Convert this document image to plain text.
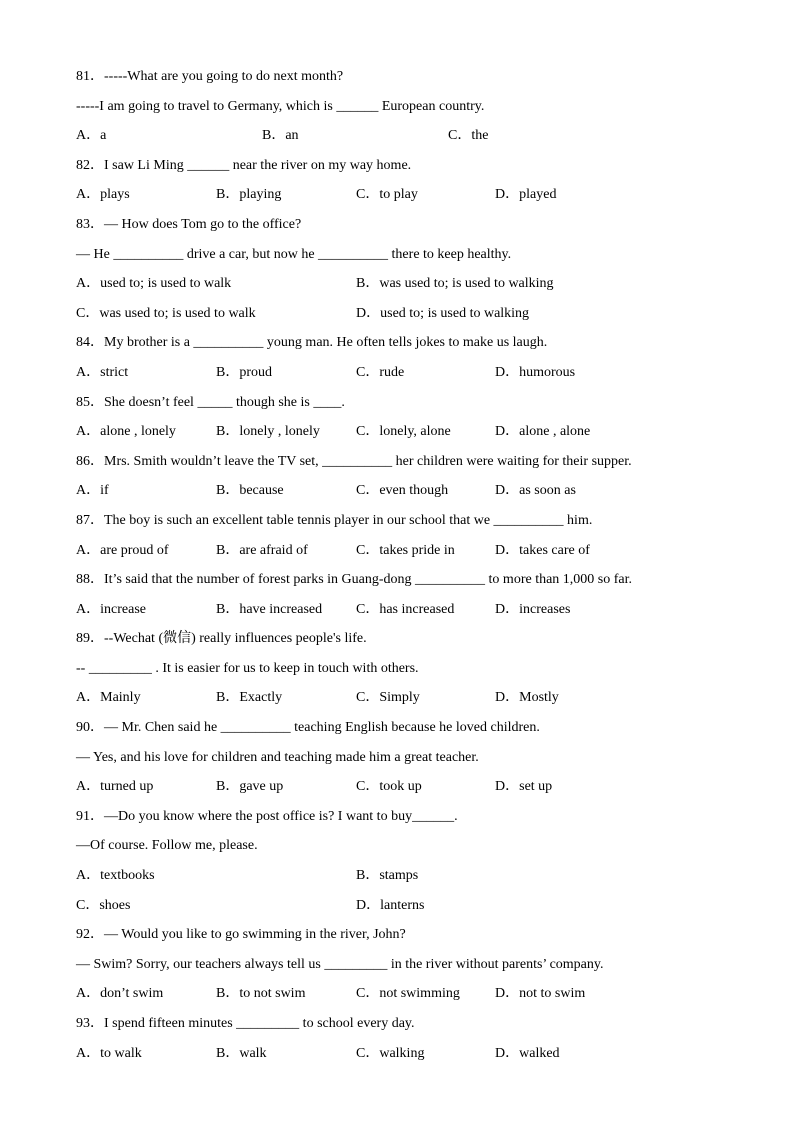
81．-----What are you going to do next month?
-----I am going to travel to Germany, which is ______ European country.
A．a	B．an	C．the
82．I saw Li Ming ______ near the river on my way home.
A．plays	B．playing	C．to play	D．played
83．— How does Tom go to the office?
— He __________ drive a car, but now he __________ there to keep healthy.
A．used to; is used to walk	B．was used to; is used to walking
C．was used to; is used to walk	D．used to; is used to walking
84．My brother is a __________ young man. He often tells jokes to make us laugh.
A．strict	B．proud	C．rude	D．humorous
85．She doesn’t feel _____ though she is ____.
A．alone , lonely	B．lonely , lonely	C．lonely, alone	D．alone , alone
86．Mrs. Smith wouldn’t leave the TV set, __________ her children were waiting for their supper.
A．if	B．because	C．even though	D．as soon as
87．The boy is such an excellent table tennis player in our school that we __________ him.
A．are proud of	B．are afraid of	C．takes pride in	D．takes care of
88．It’s said that the number of forest parks in Guang-dong __________ to more than 1,000 so far.
A．increase	B．have increased C．has increased	D．increases
89．--Wechat (微信) really influences people's life.
-- _________ . It is easier for us to keep in touch with others.
A．Mainly	B．Exactly	C．Simply	D．Mostly
90．— Mr. Chen said he __________ teaching English because he loved children.
— Yes, and his love for children and teaching made him a great teacher.
A．turned up	B．gave up	C．took up	D．set up
91．—Do you know where the post office is? I want to buy______.
—Of course. Follow me, please.
A．textbooks	B．stamps
C．shoes	D．lanterns
92．— Would you like to go swimming in the river, John?
— Swim? Sorry, our teachers always tell us _________ in the river without parents’ company.
A．don’t swim	B．to not swim	C．not swimming	D．not to swim
93．I spend fifteen minutes _________ to school every day.
A．to walk	B．walk	C．walking	D．walked
